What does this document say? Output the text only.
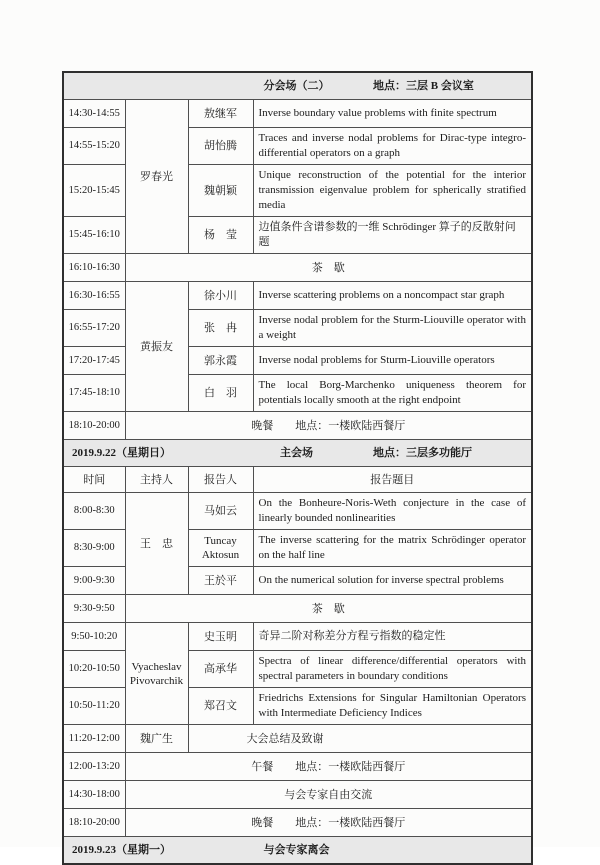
分会场（二） 地点：三层 B 会议室			

14:30-14:55	罗春光	敖继军	Inverse boundary value problems with finite spectrum
14:55-15:20		胡怡腾	Traces and inverse nodal problems for Dirac-type integro-differential operators on a graph
15:20-15:45		魏朝颖	Unique reconstruction of the potential for the interior transmission eigenvalue problem for spherically stratified media
15:45-16:10		杨　莹	边值条件含谱参数的一维 Schrödinger 算子的反散射问题
16:10-16:30	茶　歇		
16:30-16:55	黄振友	徐小川	Inverse scattering problems on a noncompact star graph
16:55-17:20		张　冉	Inverse nodal problem for the Sturm-Liouville operator with a weight
17:20-17:45		郭永霞	Inverse nodal problems for Sturm-Liouville operators
17:45-18:10		白　羽	The local Borg-Marchenko uniqueness theorem for potentials locally smooth at the right endpoint
18:10-20:00	晚餐　　地点：一楼欧陆西餐厅		

2019.9.22（星期日） 主会场 地点：三层多功能厅			

时间	主持人	报告人	报告题目
8:00-8:30	王　忠	马如云	On the Bonheure-Noris-Weth conjecture in the case of linearly bounded nonlinearities
8:30-9:00		Tuncay Aktosun	The inverse scattering for the matrix Schrödinger operator on the half line
9:00-9:30		王於平	On the numerical solution for inverse spectral problems
9:30-9:50	茶　歇		
9:50-10:20	Vyacheslav Pivovarchik	史玉明	奇异二阶对称差分方程亏指数的稳定性
10:20-10:50		高承华	Spectra of linear difference/differential operators with spectral parameters in boundary conditions
10:50-11:20		郑召文	Friedrichs Extensions for Singular Hamiltonian Operators with Intermediate Deficiency Indices
11:20-12:00	魏广生	大会总结及致谢	
12:00-13:20	午餐　　地点：一楼欧陆西餐厅		
14:30-18:00	与会专家自由交流		
18:10-20:00	晚餐　　地点：一楼欧陆西餐厅		

2019.9.23（星期一） 与会专家离会			
